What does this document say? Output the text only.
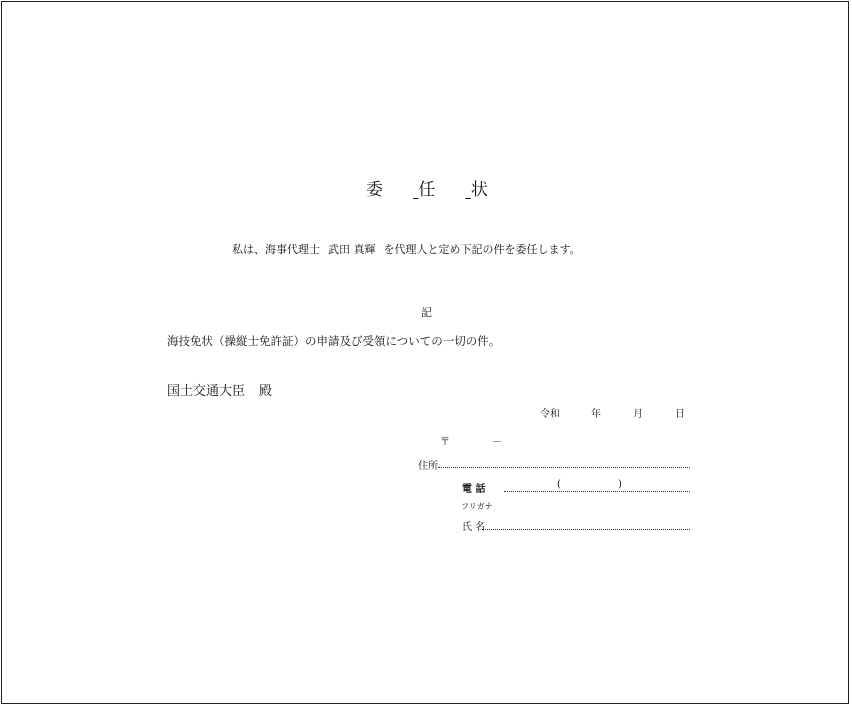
委 任 状
私は、海事代理士 武田 真輝 を代理人と定め下記の件を委任します。
記
海技免状（操縦士免許証）の申請及び受領についての一切の件。
国土交通大臣 殿
令和	年	月	日
〒	－
住所
電 話	(	)
フリガナ
氏 名
